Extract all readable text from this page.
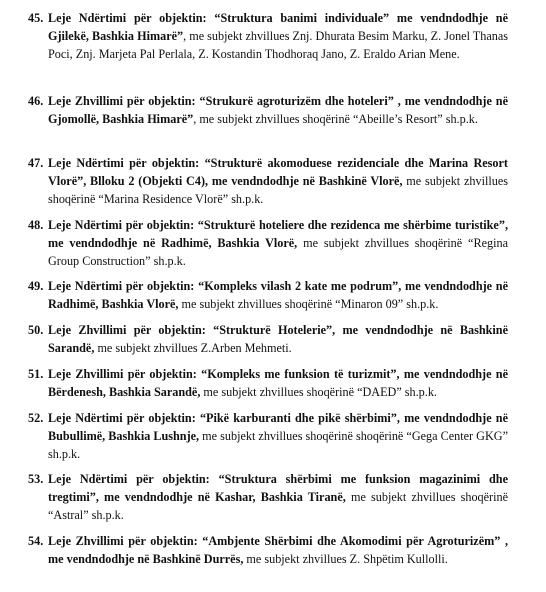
45. Leje Ndërtimi për objektin: “Struktura banimi individuale” me vendndodhje në Gjilekë, Bashkia Himarë”, me subjekt zhvillues Znj. Dhurata Besim Marku, Z. Jonel Thanas Poci, Znj. Marjeta Pal Perlala, Z. Kostandin Thodhoraq Jano, Z. Eraldo Arian Mene.
46. Leje Zhvillimi për objektin: “Strukurë agroturizëm dhe hoteleri” , me vendndodhje në Gjomollë, Bashkia Himarë”, me subjekt zhvillues shoqërinë “Abeille’s Resort” sh.p.k.
47. Leje Ndërtimi për objektin: “Strukturë akomoduese rezidenciale dhe Marina Resort Vlorë”, Blloku 2 (Objekti C4), me vendndodhje në Bashkinë Vlorë, me subjekt zhvillues shoqërinë “Marina Residence Vlorë” sh.p.k.
48. Leje Ndërtimi për objektin: “Strukturë hoteliere dhe rezidenca me shërbime turistike”, me vendndodhje në Radhimë, Bashkia Vlorë, me subjekt zhvillues shoqërinë “Regina Group Construction” sh.p.k.
49. Leje Ndërtimi për objektin: “Kompleks vilash 2 kate me podrum”, me vendndodhje në Radhimë, Bashkia Vlorë, me subjekt zhvillues shoqërinë “Minaron 09” sh.p.k.
50. Leje Zhvillimi për objektin: “Strukturë Hotelerie”, me vendndodhje në Bashkinë Sarandë, me subjekt zhvillues Z.Arben Mehmeti.
51. Leje Zhvillimi për objektin: “Kompleks me funksion të turizmit”, me vendndodhje në Bërdenesh, Bashkia Sarandë, me subjekt zhvillues shoqërinë “DAED” sh.p.k.
52. Leje Ndërtimi për objektin: “Pikë karburanti dhe pikë shërbimi”, me vendndodhje në Bubullimë, Bashkia Lushnje, me subjekt zhvillues shoqërinë shoqërinë “Gega Center GKG” sh.p.k.
53. Leje Ndërtimi për objektin: “Struktura shërbimi me funksion magazinimi dhe tregtimi”, me vendndodhje në Kashar, Bashkia Tiranë, me subjekt zhvillues shoqërinë “Astral” sh.p.k.
54. Leje Zhvillimi për objektin: “Ambjente Shërbimi dhe Akomodimi për Agroturizëm” , me vendndodhje në Bashkinë Durrës, me subjekt zhvillues Z. Shpëtim Kullolli.
